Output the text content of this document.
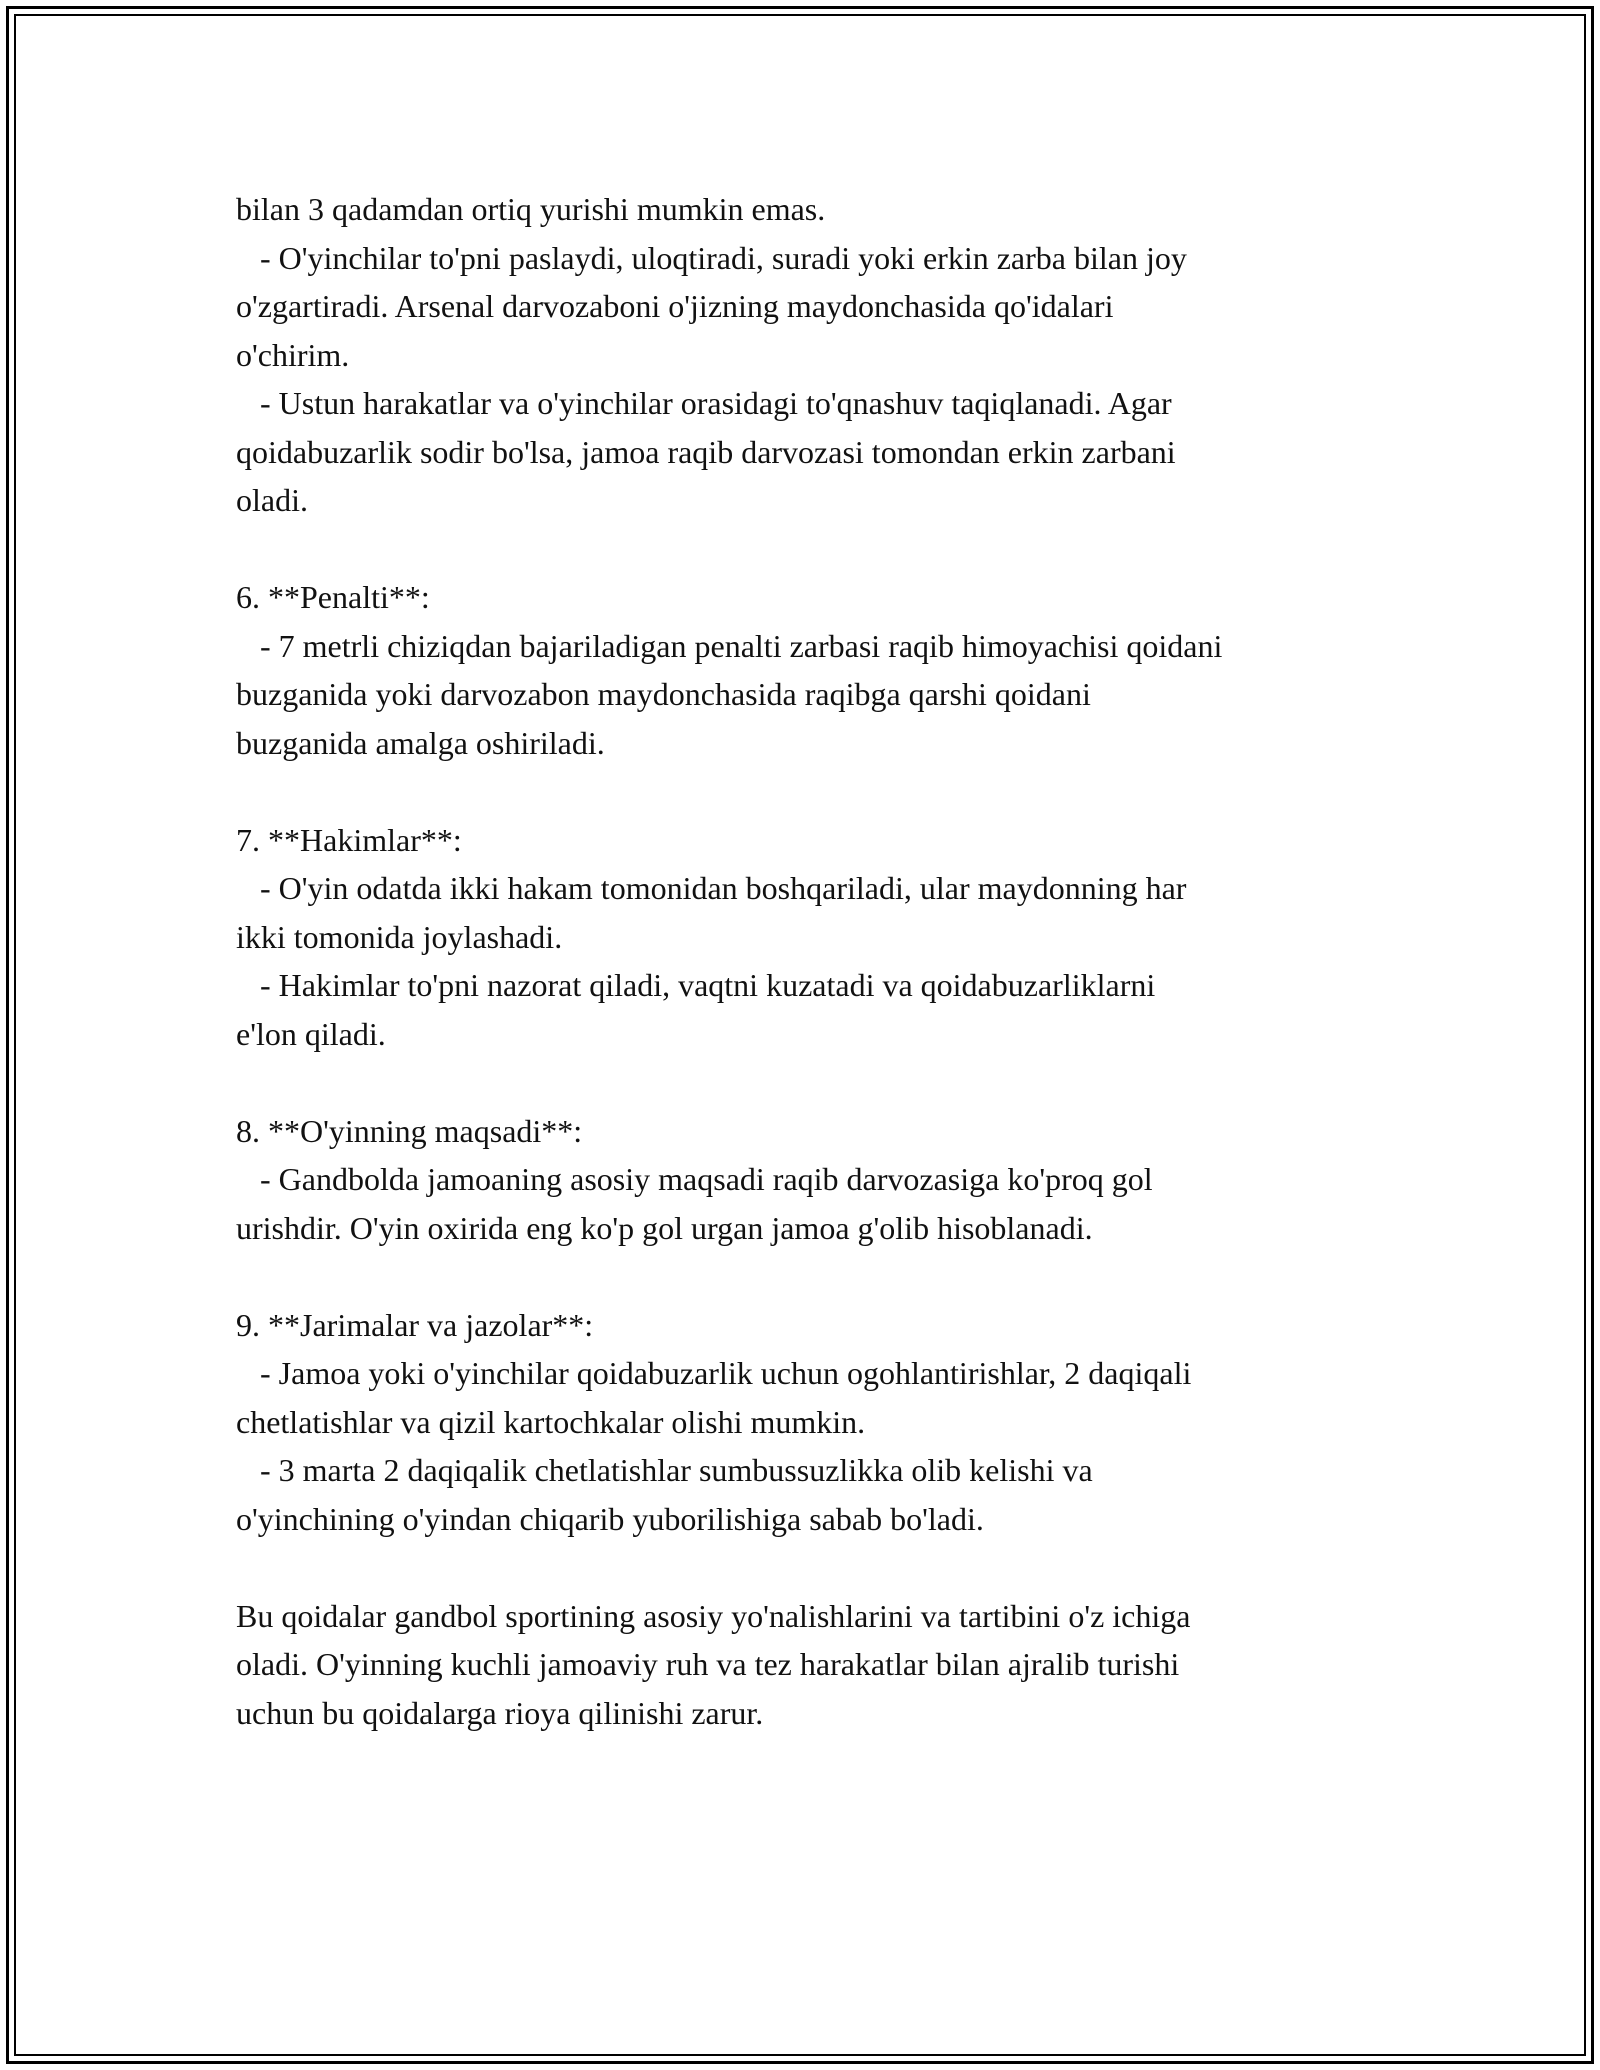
bilan 3 qadamdan ortiq yurishi mumkin emas.
- O'yinchilar to'pni paslaydi, uloqtiradi, suradi yoki erkin zarba bilan joy
o'zgartiradi. Arsenal darvozaboni o'jizning maydonchasida qo'idalari
o'chirim.
- Ustun harakatlar va o'yinchilar orasidagi to'qnashuv taqiqlanadi. Agar
qoidabuzarlik sodir bo'lsa, jamoa raqib darvozasi tomondan erkin zarbani
oladi.
6. **Penalti**:
- 7 metrli chiziqdan bajariladigan penalti zarbasi raqib himoyachisi qoidani
buzganida yoki darvozabon maydonchasida raqibga qarshi qoidani
buzganida amalga oshiriladi.
7. **Hakimlar**:
- O'yin odatda ikki hakam tomonidan boshqariladi, ular maydonning har
ikki tomonida joylashadi.
- Hakimlar to'pni nazorat qiladi, vaqtni kuzatadi va qoidabuzarliklarni
e'lon qiladi.
8. **O'yinning maqsadi**:
- Gandbolda jamoaning asosiy maqsadi raqib darvozasiga ko'proq gol
urishdir. O'yin oxirida eng ko'p gol urgan jamoa g'olib hisoblanadi.
9. **Jarimalar va jazolar**:
- Jamoa yoki o'yinchilar qoidabuzarlik uchun ogohlantirishlar, 2 daqiqali
chetlatishlar va qizil kartochkalar olishi mumkin.
- 3 marta 2 daqiqalik chetlatishlar sumbussuzlikka olib kelishi va
o'yinchining o'yindan chiqarib yuborilishiga sabab bo'ladi.
Bu qoidalar gandbol sportining asosiy yo'nalishlarini va tartibini o'z ichiga
oladi. O'yinning kuchli jamoaviy ruh va tez harakatlar bilan ajralib turishi
uchun bu qoidalarga rioya qilinishi zarur.
